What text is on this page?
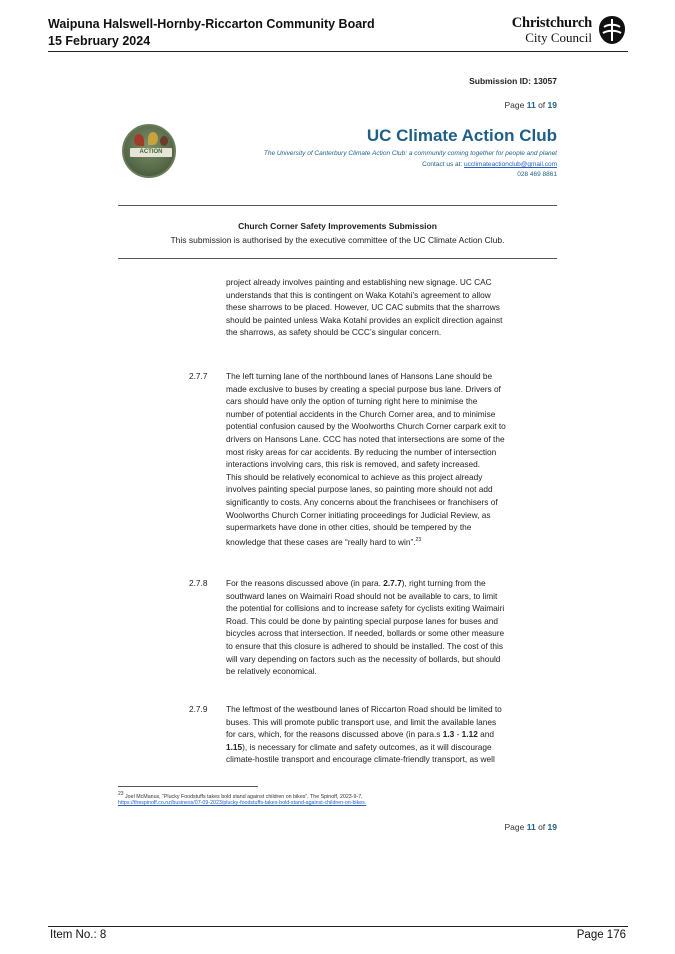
Waipuna Halswell-Hornby-Riccarton Community Board
15 February 2024
Christchurch
City Council
Submission ID: 13057
Page 11 of 19
ACTION
UC Climate Action Club
The University of Canterbury Climate Action Club: a community coming together for people and planet
Contact us at: ucclimateactionclub@gmail.com
028 469 8861
Church Corner Safety Improvements Submission
This submission is authorised by the executive committee of the UC Climate Action Club.
project already involves painting and establishing new signage. UC CAC
understands that this is contingent on Waka Kotahi’s agreement to allow
these sharrows to be placed. However, UC CAC submits that the sharrows
should be painted unless Waka Kotahi provides an explicit direction against
the sharrows, as safety should be CCC’s singular concern.
2.7.7 The left turning lane of the northbound lanes of Hansons Lane should be
made exclusive to buses by creating a special purpose bus lane. Drivers of
cars should have only the option of turning right here to minimise the
number of potential accidents in the Church Corner area, and to minimise
potential confusion caused by the Woolworths Church Corner carpark exit to
drivers on Hansons Lane. CCC has noted that intersections are some of the
most risky areas for car accidents. By reducing the number of intersection
interactions involving cars, this risk is removed, and safety increased.
This should be relatively economical to achieve as this project already
involves painting special purpose lanes, so painting more should not add
significantly to costs. Any concerns about the franchisees or franchisers of
Woolworths Church Corner initiating proceedings for Judicial Review, as
supermarkets have done in other cities, should be tempered by the
knowledge that these cases are “really hard to win”.$^{23}$
2.7.8 For the reasons discussed above (in para. 2.7.7), right turning from the
southward lanes on Waimairi Road should not be available to cars, to limit
the potential for collisions and to increase safety for cyclists exiting Waimairi
Road. This could be done by painting special purpose lanes for buses and
bicycles across that intersection. If needed, bollards or some other measure
to ensure that this closure is adhered to should be installed. The cost of this
will vary depending on factors such as the necessity of bollards, but should
be relatively economical.
2.7.9 The leftmost of the westbound lanes of Riccarton Road should be limited to
buses. This will promote public transport use, and limit the available lanes
for cars, which, for the reasons discussed above (in para.s 1.3 - 1.12 and
1.15), is necessary for climate and safety outcomes, as it will discourage
climate-hostile transport and encourage climate-friendly transport, as well
$^{23}$ Joel McManus, “Plucky Foodstuffs takes bold stand against children on bikes”, The Spinoff, 2023-9-7,
https://thespinoff.co.nz/business/07-09-2023/plucky-foodstuffs-takes-bold-stand-against-children-on-bikes.
Page 11 of 19
Item No.: 8	Page 176
